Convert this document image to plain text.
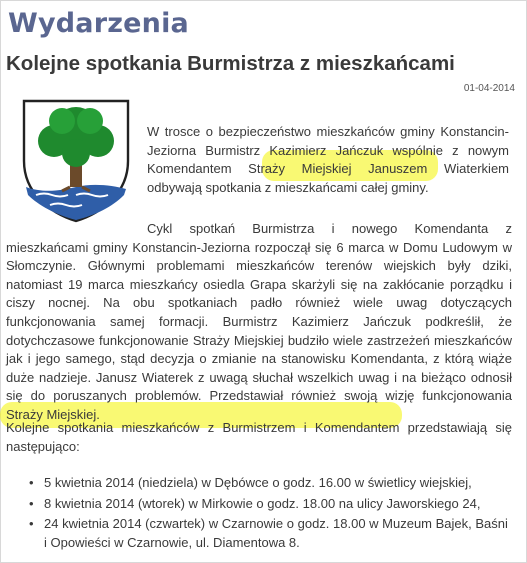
Wydarzenia
Kolejne spotkania Burmistrza z mieszkańcami
01-04-2014

W trosce o bezpieczeństwo mieszkańców gminy Konstancin-Jeziorna Burmistrz Kazimierz Jańczuk wspólnie z nowym Komendantem Straży Miejskiej Januszem Wiaterkiem odbywają spotkania z mieszkańcami całej gminy.

Cykl spotkań Burmistrza i nowego Komendanta z mieszkańcami gminy Konstancin-Jeziorna rozpoczął się 6 marca w Domu Ludowym w Słomczynie. Głównymi problemami mieszkańców terenów wiejskich były dziki, natomiast 19 marca mieszkańcy osiedla Grapa skarżyli się na zakłócanie porządku i ciszy nocnej. Na obu spotkaniach padło również wiele uwag dotyczących funkcjonowania samej formacji. Burmistrz Kazimierz Jańczuk podkreślił, że dotychczasowe funkcjonowanie Straży Miejskiej budziło wiele zastrzeżeń mieszkańców jak i jego samego, stąd decyzja o zmianie na stanowisku Komendanta, z którą wiąże duże nadzieje. Janusz Wiaterek z uwagą słuchał wszelkich uwag i na bieżąco odnosił się do poruszanych problemów. Przedstawiał również swoją wizję funkcjonowania Straży Miejskiej.

Kolejne spotkania mieszkańców z Burmistrzem i Komendantem przedstawiają się następująco:

• 5 kwietnia 2014 (niedziela) w Dębówce o godz. 16.00 w świetlicy wiejskiej,
• 8 kwietnia 2014 (wtorek) w Mirkowie o godz. 18.00 na ulicy Jaworskiego 24,
• 24 kwietnia 2014 (czwartek) w Czarnowie o godz. 18.00 w Muzeum Bajek, Baśni i Opowieści w Czarnowie, ul. Diamentowa 8.
